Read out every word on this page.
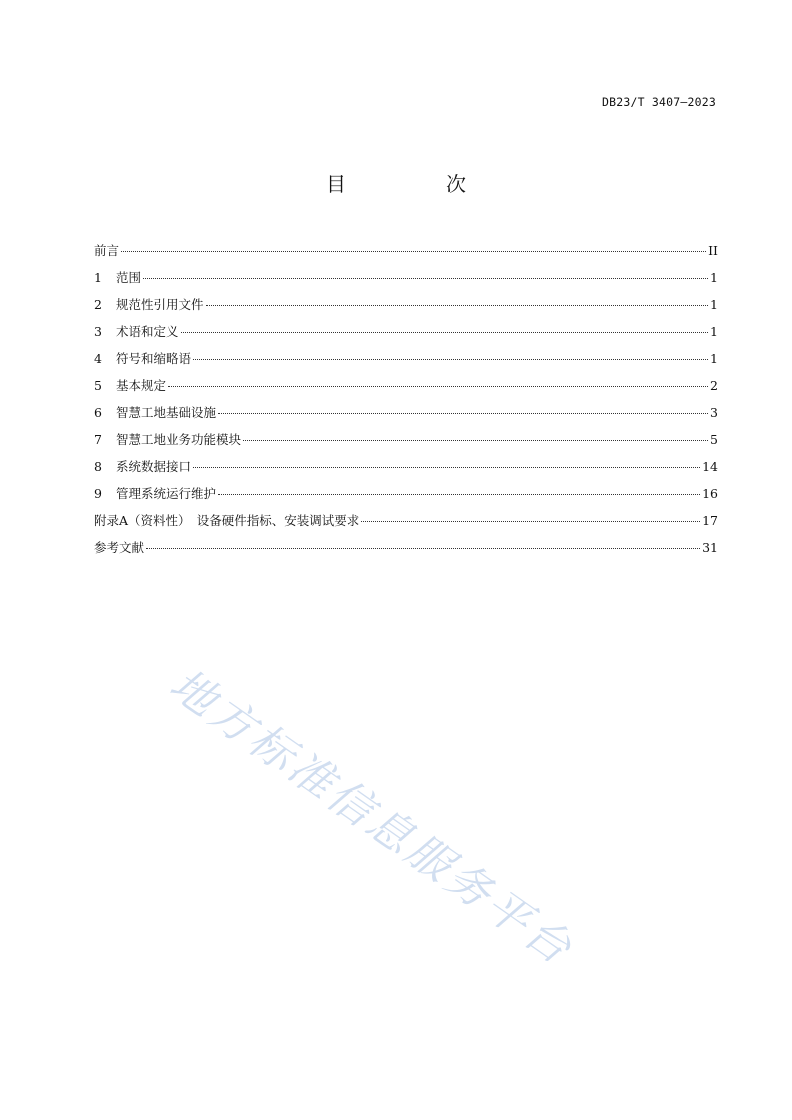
DB23/T 3407—2023
目　次
前言	II
1	范围	1
2	规范性引用文件	1
3	术语和定义	1
4	符号和缩略语	1
5	基本规定	2
6	智慧工地基础设施	3
7	智慧工地业务功能模块	5
8	系统数据接口	14
9	管理系统运行维护	16
附录A（资料性）　设备硬件指标、安装调试要求	17
参考文献	31
地方标准信息服务平台
